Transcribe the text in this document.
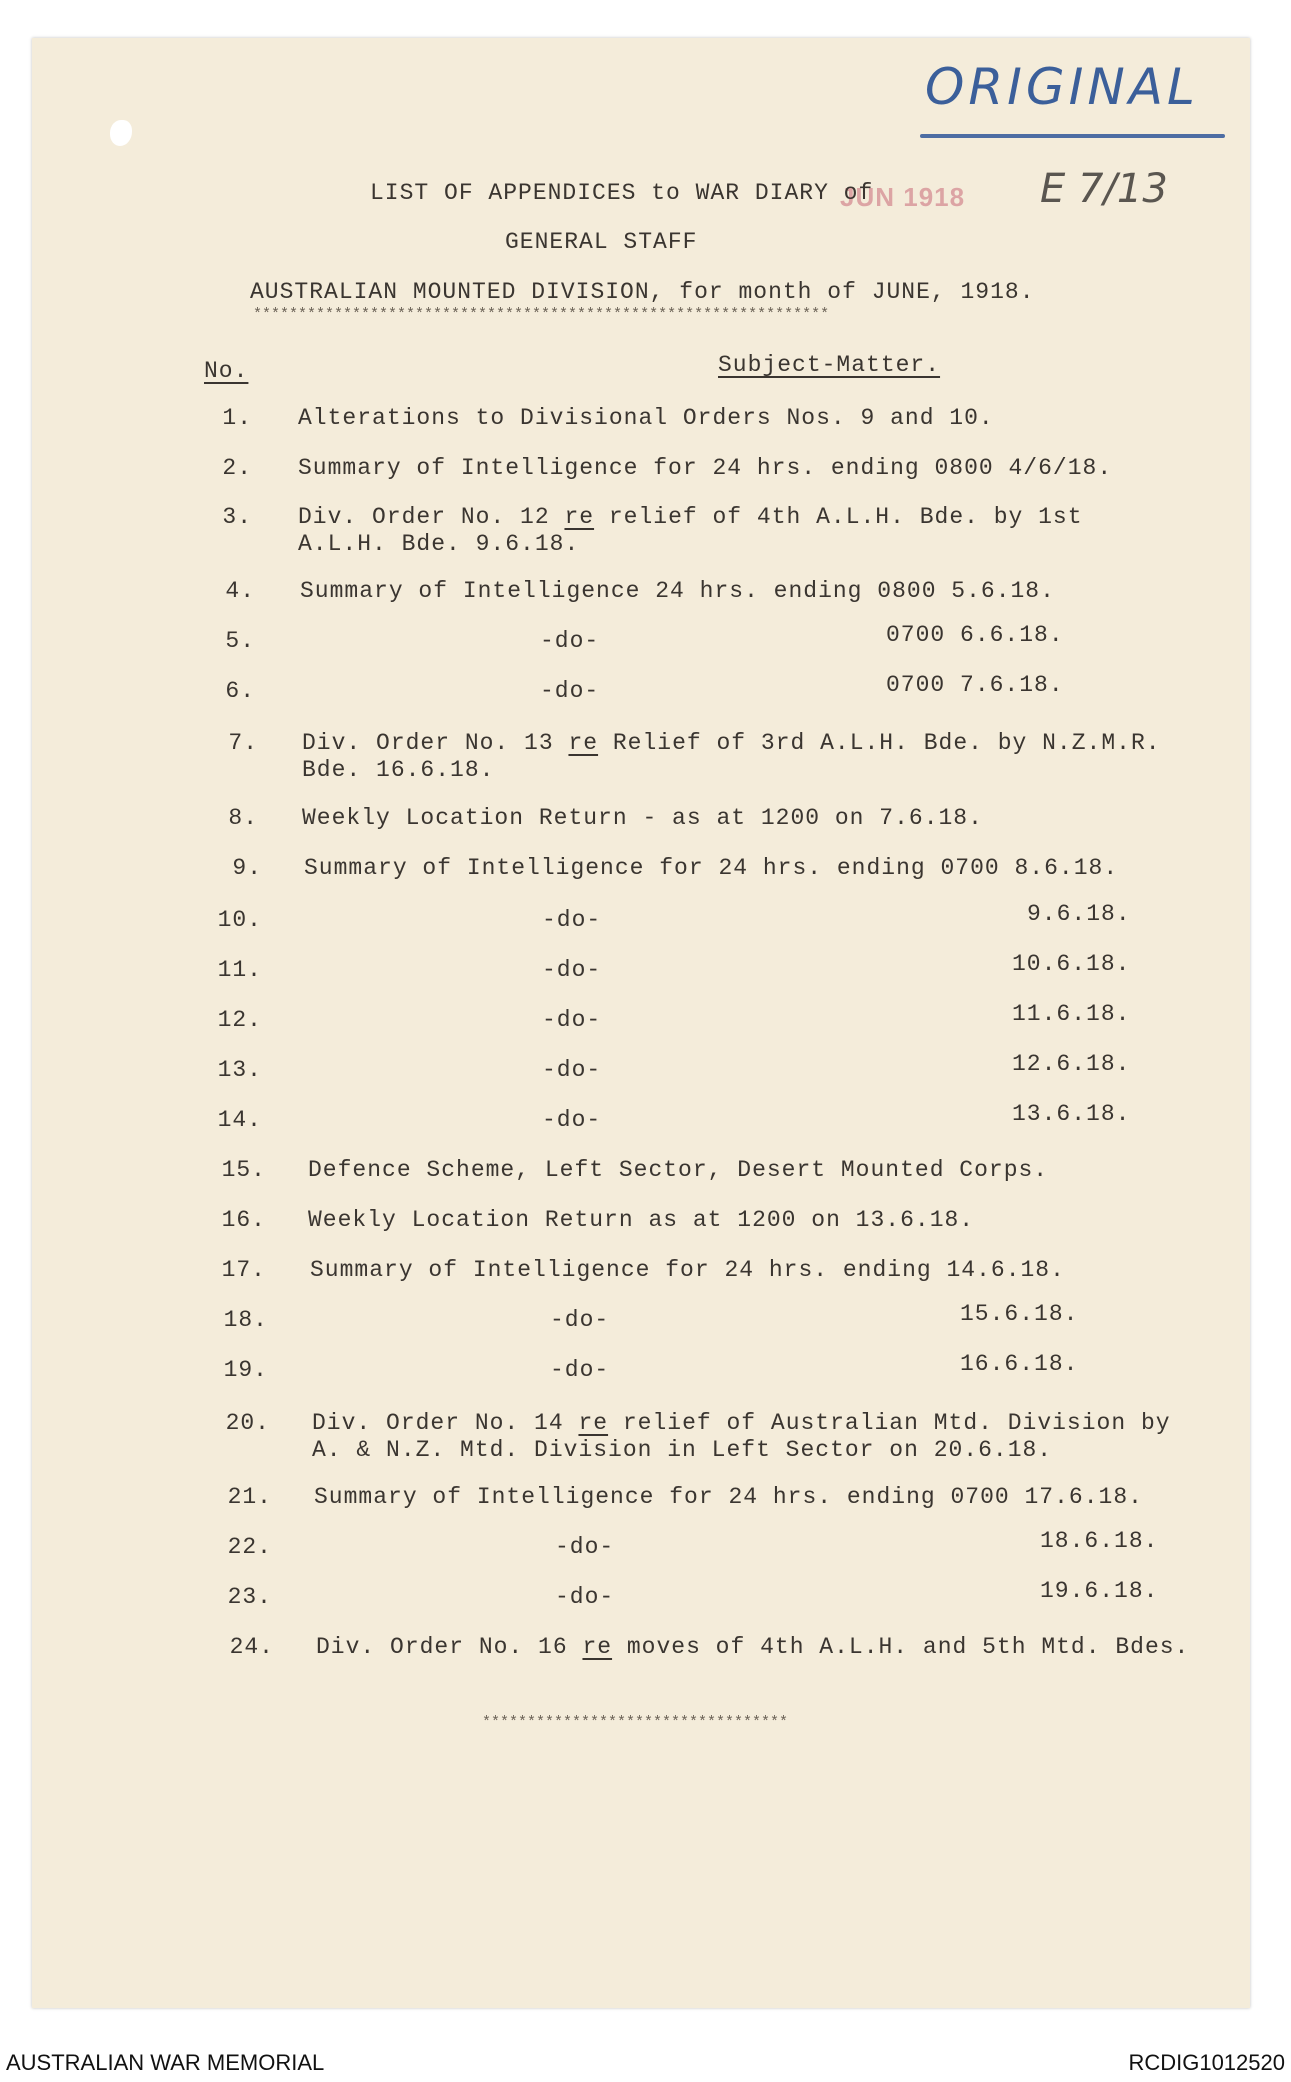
ORIGINAL
E 7/13
JUN 1918
LIST OF APPENDICES to WAR DIARY of
GENERAL STAFF
AUSTRALIAN MOUNTED DIVISION, for month of JUNE, 1918.
****************************************************************
No.	Subject-Matter.
1. Alterations to Divisional Orders Nos. 9 and 10.
2. Summary of Intelligence for 24 hrs. ending 0800 4/6/18.
3. Div. Order No. 12 re relief of 4th A.L.H. Bde. by 1st
A.L.H. Bde. 9.6.18.
4. Summary of Intelligence 24 hrs. ending 0800 5.6.18.
5.	-do-	0700 6.6.18.
6.	-do-	0700 7.6.18.
7. Div. Order No. 13 re Relief of 3rd A.L.H. Bde. by N.Z.M.R.
Bde. 16.6.18.
8. Weekly Location Return - as at 1200 on 7.6.18.
9. Summary of Intelligence for 24 hrs. ending 0700 8.6.18.
10.	-do-	9.6.18.
11.	-do-	10.6.18.
12.	-do-	11.6.18.
13.	-do-	12.6.18.
14.	-do-	13.6.18.
15. Defence Scheme, Left Sector, Desert Mounted Corps.
16. Weekly Location Return as at 1200 on 13.6.18.
17. Summary of Intelligence for 24 hrs. ending 14.6.18.
18.	-do-	15.6.18.
19.	-do-	16.6.18.
20. Div. Order No. 14 re relief of Australian Mtd. Division by
A. & N.Z. Mtd. Division in Left Sector on 20.6.18.
21. Summary of Intelligence for 24 hrs. ending 0700 17.6.18.
22.	-do-	18.6.18.
23.	-do-	19.6.18.
24. Div. Order No. 16 re moves of 4th A.L.H. and 5th Mtd. Bdes.
**********************************
AUSTRALIAN WAR MEMORIAL	RCDIG1012520
